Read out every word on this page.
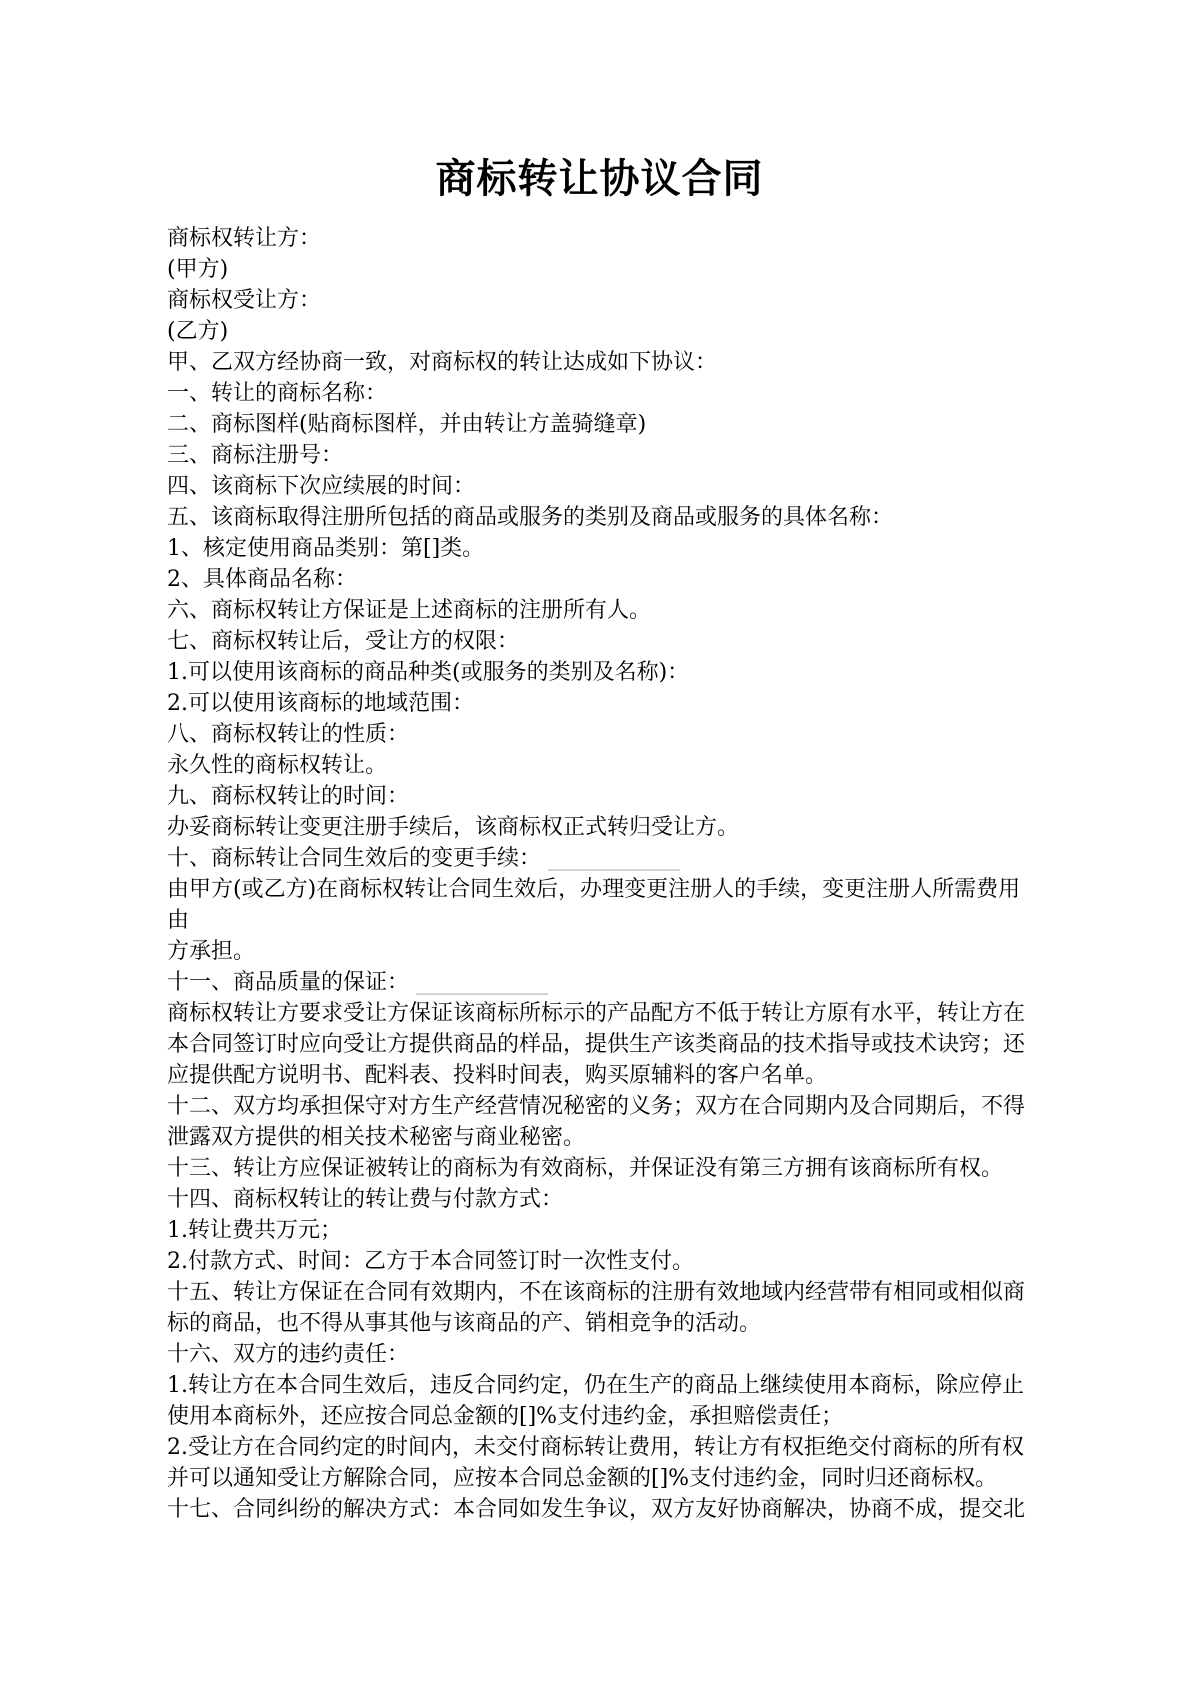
商标转让协议合同
商标权转让方：
(甲方)
商标权受让方：
(乙方)
甲、乙双方经协商一致，对商标权的转让达成如下协议：
一、转让的商标名称：
二、商标图样(贴商标图样，并由转让方盖骑缝章)
三、商标注册号：
四、该商标下次应续展的时间：
五、该商标取得注册所包括的商品或服务的类别及商品或服务的具体名称：
1、核定使用商品类别：第[]类。
2、具体商品名称：
六、商标权转让方保证是上述商标的注册所有人。
七、商标权转让后，受让方的权限：
1.可以使用该商标的商品种类(或服务的类别及名称)：
2.可以使用该商标的地域范围：
八、商标权转让的性质：
永久性的商标权转让。
九、商标权转让的时间：
办妥商标转让变更注册手续后，该商标权正式转归受让方。
十、商标转让合同生效后的变更手续： ____________
由甲方(或乙方)在商标权转让合同生效后，办理变更注册人的手续，变更注册人所需费用
由
方承担。
十一、商品质量的保证： ____________
商标权转让方要求受让方保证该商标所标示的产品配方不低于转让方原有水平，转让方在
本合同签订时应向受让方提供商品的样品，提供生产该类商品的技术指导或技术诀窍；还
应提供配方说明书、配料表、投料时间表，购买原辅料的客户名单。
十二、双方均承担保守对方生产经营情况秘密的义务；双方在合同期内及合同期后，不得
泄露双方提供的相关技术秘密与商业秘密。
十三、转让方应保证被转让的商标为有效商标，并保证没有第三方拥有该商标所有权。
十四、商标权转让的转让费与付款方式：
1.转让费共万元；
2.付款方式、时间：乙方于本合同签订时一次性支付。
十五、转让方保证在合同有效期内，不在该商标的注册有效地域内经营带有相同或相似商
标的商品，也不得从事其他与该商品的产、销相竞争的活动。
十六、双方的违约责任：
1.转让方在本合同生效后，违反合同约定，仍在生产的商品上继续使用本商标，除应停止
使用本商标外，还应按合同总金额的[]%支付违约金，承担赔偿责任；
2.受让方在合同约定的时间内，未交付商标转让费用，转让方有权拒绝交付商标的所有权
并可以通知受让方解除合同，应按本合同总金额的[]%支付违约金，同时归还商标权。
十七、合同纠纷的解决方式：本合同如发生争议，双方友好协商解决，协商不成，提交北
